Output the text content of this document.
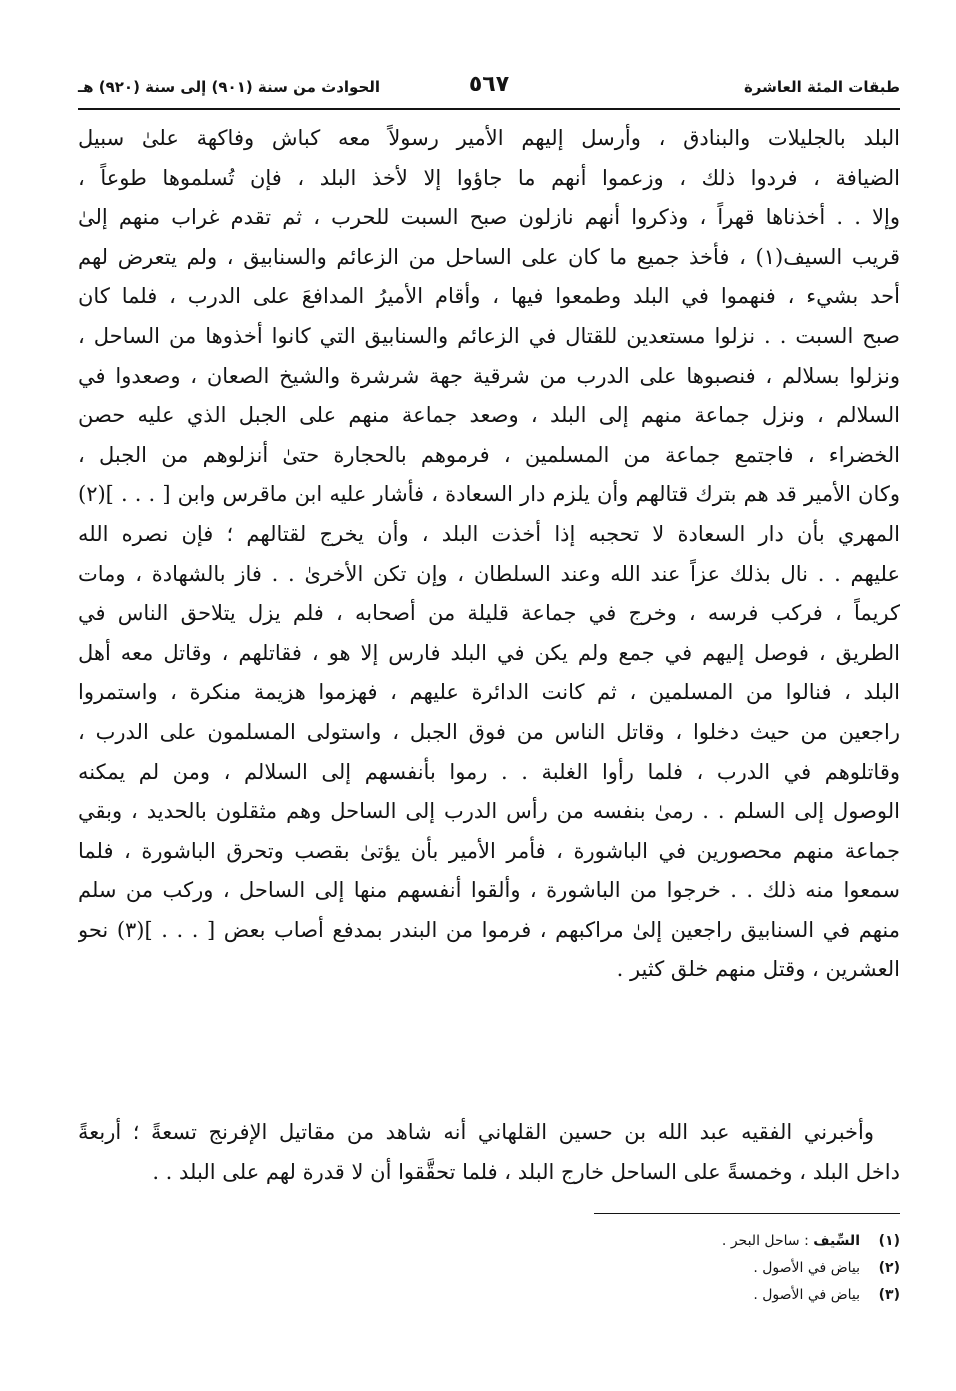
طبقات المئة العاشرة
٥٦٧
الحوادث من سنة (٩٠١) إلى سنة (٩٢٠) هـ
البلد بالجليلات والبنادق ، وأرسل إليهم الأمير رسولاً معه كباش وفاكهة علىٰ سبيل
الضيافة ، فردوا ذلك ، وزعموا أنهم ما جاؤوا إلا لأخذ البلد ، فإن تُسلموها طوعاً ،
وإلا . . أخذناها قهراً ، وذكروا أنهم نازلون صبح السبت للحرب ، ثم تقدم غراب منهم إلىٰ
قريب السيف(١) ، فأخذ جميع ما كان على الساحل من الزعائم والسنابيق ، ولم يتعرض لهم
أحد بشيء ، فنهموا في البلد وطمعوا فيها ، وأقام الأميرُ المدافعَ على الدرب ، فلما كان
صبح السبت . . نزلوا مستعدين للقتال في الزعائم والسنابيق التي كانوا أخذوها من الساحل ،
ونزلوا بسلالم ، فنصبوها على الدرب من شرقية جهة شرشرة والشيخ الصعان ، وصعدوا في
السلالم ، ونزل جماعة منهم إلى البلد ، وصعد جماعة منهم على الجبل الذي عليه حصن
الخضراء ، فاجتمع جماعة من المسلمين ، فرموهم بالحجارة حتىٰ أنزلوهم من الجبل ،
وكان الأمير قد هم بترك قتالهم وأن يلزم دار السعادة ، فأشار عليه ابن ماقرس وابن [ . . . ](٢)
المهري بأن دار السعادة لا تحجبه إذا أخذت البلد ، وأن يخرج لقتالهم ؛ فإن نصره الله
عليهم . . نال بذلك عزاً عند الله وعند السلطان ، وإن تكن الأخرىٰ . . فاز بالشهادة ، ومات
كريماً ، فركب فرسه ، وخرج في جماعة قليلة من أصحابه ، فلم يزل يتلاحق الناس في
الطريق ، فوصل إليهم في جمع ولم يكن في البلد فارس إلا هو ، فقاتلهم ، وقاتل معه أهل
البلد ، فنالوا من المسلمين ، ثم كانت الدائرة عليهم ، فهزموا هزيمة منكرة ، واستمروا
راجعين من حيث دخلوا ، وقاتل الناس من فوق الجبل ، واستولى المسلمون على الدرب ،
وقاتلوهم في الدرب ، فلما رأوا الغلبة . . رموا بأنفسهم إلى السلالم ، ومن لم يمكنه
الوصول إلى السلم . . رمىٰ بنفسه من رأس الدرب إلى الساحل وهم مثقلون بالحديد ، وبقي
جماعة منهم محصورين في الباشورة ، فأمر الأمير بأن يؤتىٰ بقصب وتحرق الباشورة ، فلما
سمعوا منه ذلك . . خرجوا من الباشورة ، وألقوا أنفسهم منها إلى الساحل ، وركب من سلم
منهم في السنابيق راجعين إلىٰ مراكبهم ، فرموا من البندر بمدفع أصاب بعض [ . . . ](٣) نحو
العشرين ، وقتل منهم خلق كثير .
وأخبرني الفقيه عبد الله بن حسين القلهاني أنه شاهد من مقاتيل الإفرنج تسعةً ؛ أربعةً
داخل البلد ، وخمسةً على الساحل خارج البلد ، فلما تحقَّقوا أن لا قدرة لهم على البلد . .
(١)السِّيف : ساحل البحر .
(٢)بياض في الأصول .
(٣)بياض في الأصول .
